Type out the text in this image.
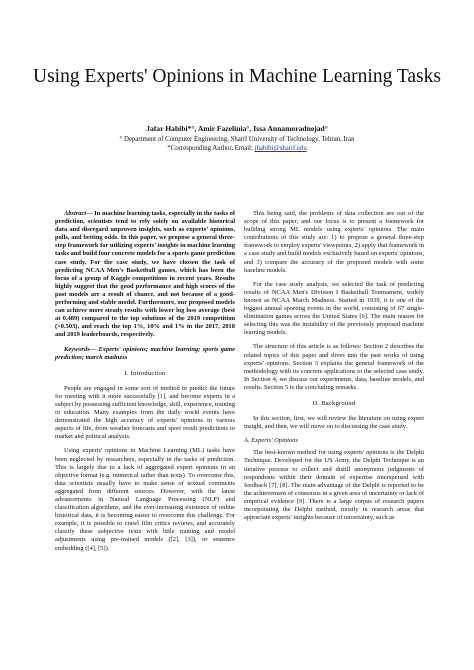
Using Experts' Opinions in Machine Learning Tasks
Jafar Habibi*°, Amir Fazelinia°, Issa Annamoradnejad°
° Department of Computer Engineering, Sharif University of Technology, Tehran, Iran
*Corresponding Author, Email: jhabibi@sharif.edu

Abstract— In machine learning tasks, especially in the tasks of prediction, scientists tend to rely solely on available historical data and disregard unproven insights, such as experts’ opinions, polls, and betting odds. In this paper, we propose a general three-step framework for utilizing experts’ insights in machine learning tasks and build four concrete models for a sports game prediction case study. For the case study, we have chosen the task of predicting NCAA Men's Basketball games, which has been the focus of a group of Kaggle competitions in recent years. Results highly suggest that the good performance and high scores of the past models are a result of chance, and not because of a good-performing and stable model. Furthermore, our proposed models can achieve more steady results with lower log loss average (best at 0.489) compared to the top solutions of the 2019 competition (>0.503), and reach the top 1%, 10% and 1% in the 2017, 2018 and 2019 leaderboards, respectively.

Keywords— Experts' opinions; machine learning; sports game prediction; march madness

I. Introduction

People are engaged in some sort of method to predict the future for meeting with it more successfully [1], and become experts in a subject by possessing sufficient knowledge, skill, experience, training or education. Many examples from the daily world events have demonstrated the high accuracy of experts' opinions in various aspects of life, from weather forecasts and sport result predictions to market and political analysis.

Using experts' opinions in Machine Learning (ML) tasks have been neglected by researchers, especially in the tasks of prediction. This is largely due to a lack of aggregated expert opinions in an objective format (e.g. numerical rather than texts). To overcome this, data scientists usually have to make sense of textual comments aggregated from different sources. However, with the latest advancements in Natural Language Processing (NLP) and classification algorithms, and the ever-increasing existence of online historical data, it is becoming easier to overcome this challenge. For example, it is possible to crawl film critics reviews, and accurately classify these subjective texts with little training and model adjustments using pre-trained models ([2], [3]), or sentence embedding ([4], [5]).

This being said, the problems of data collection are out of the scope of this paper, and our focus is to present a framework for building strong ML models using experts' opinions. The main contributions of this study are: 1) to propose a general three-step framework to employ experts' viewpoints, 2) apply that framework in a case study and build models exclusively based on experts' opinions, and 3) compare the accuracy of the proposed models with some baseline models.

For the case study analysis, we selected the task of predicting results of NCAA Men's Division I Basketball Tournament, widely known as NCAA March Madness. Started in 1939, it is one of the biggest annual sporting events in the world, consisting of 67 single-elimination games across the United States [6]. The main reason for selecting this was the instability of the previously proposed machine learning models.

The structure of this article is as follows: Section 2 describes the related topics of this paper and dives into the past works of using experts' opinions. Section 3 explains the general framework of the methodology with its concrete applications to the selected case study. In Section 4, we discuss our experiments, data, baseline models, and results. Section 5 is the concluding remarks.

II. Background

In this section, first, we will review the literature on using expert insight, and then, we will move on to discussing the case study.

A. Experts' Opinions

The best-known method for using experts' opinions is the Delphi Technique. Developed for the US Army, the Delphi Technique is an iterative process to collect and distill anonymous judgments of respondents within their domain of expertise interspersed with feedback [7], [8]. The main advantage of the Delphi is reported to be the achievement of consensus in a given area of uncertainty or lack of empirical evidence [9]. There is a large corpus of research papers incorporating the Delphi method, mostly in research areas that appreciate experts' insights because of uncertainty, such as
